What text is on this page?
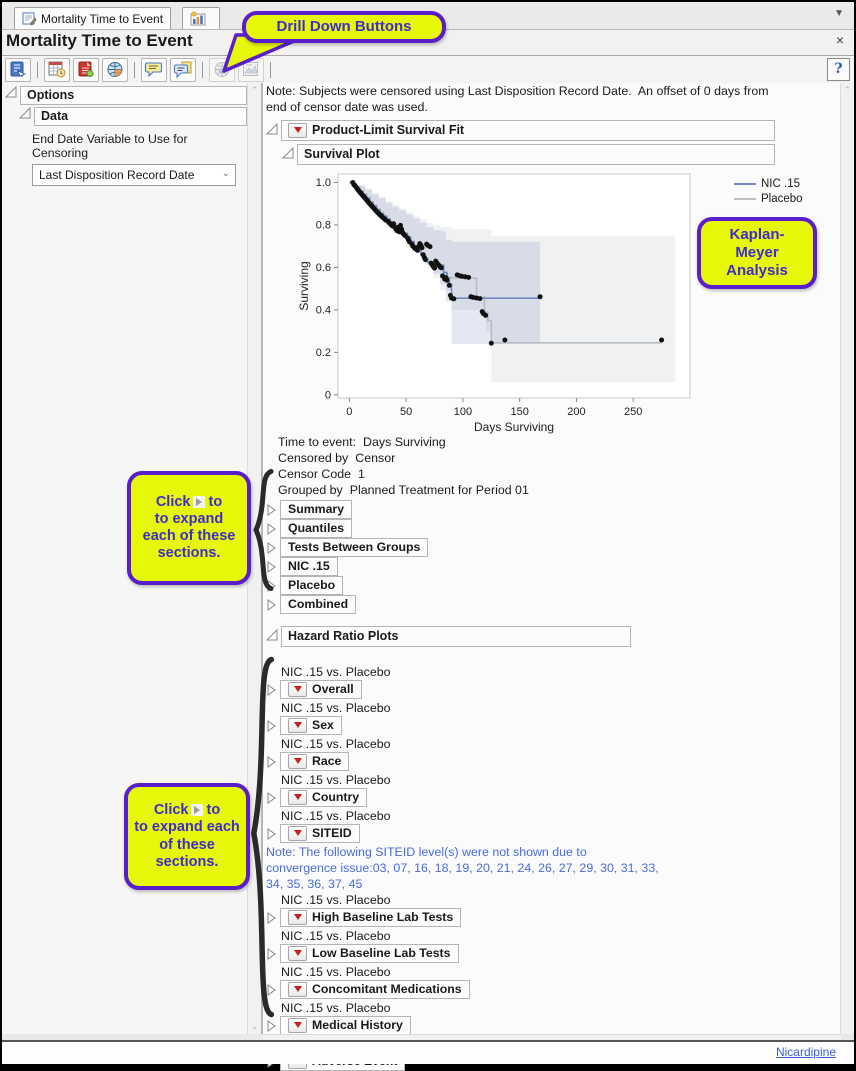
Mortality Time to Event	▼
Mortality Time to Event	×
?
Options
Data
End Date Variable to Use for Censoring
Last Disposition Record Date	⌄
⌃
⌄
Note: Subjects were censored using Last Disposition Record Date.  An offset of 0 days from
end of censor date was used.
Product-Limit Survival Fit
Survival Plot
0
0.2
0.4
0.6
0.8
1.0
0	50	100	150	200	250
Days Surviving
Surviving
NIC .15
Placebo
Time to event: Days Surviving
Censored by Censor
Censor Code 1
Grouped by Planned Treatment for Period 01
Summary
Quantiles
Tests Between Groups
NIC .15
Placebo
Combined
Hazard Ratio Plots
NIC .15 vs. Placebo
Overall
NIC .15 vs. Placebo
Sex
NIC .15 vs. Placebo
Race
NIC .15 vs. Placebo
Country
NIC .15 vs. Placebo
SITEID
Note: The following SITEID level(s) were not shown due to
convergence issue:03, 07, 16, 18, 19, 20, 21, 24, 26, 27, 29, 30, 31, 33,
34, 35, 36, 37, 45
NIC .15 vs. Placebo
High Baseline Lab Tests
NIC .15 vs. Placebo
Low Baseline Lab Tests
NIC .15 vs. Placebo
Concomitant Medications
NIC .15 vs. Placebo
Medical History
⌃
Nicardipine
Drill Down Buttons
Kaplan-
Meyer
Analysis
Click to
to expand each of these sections.
Click to
to expand each of these sections.
